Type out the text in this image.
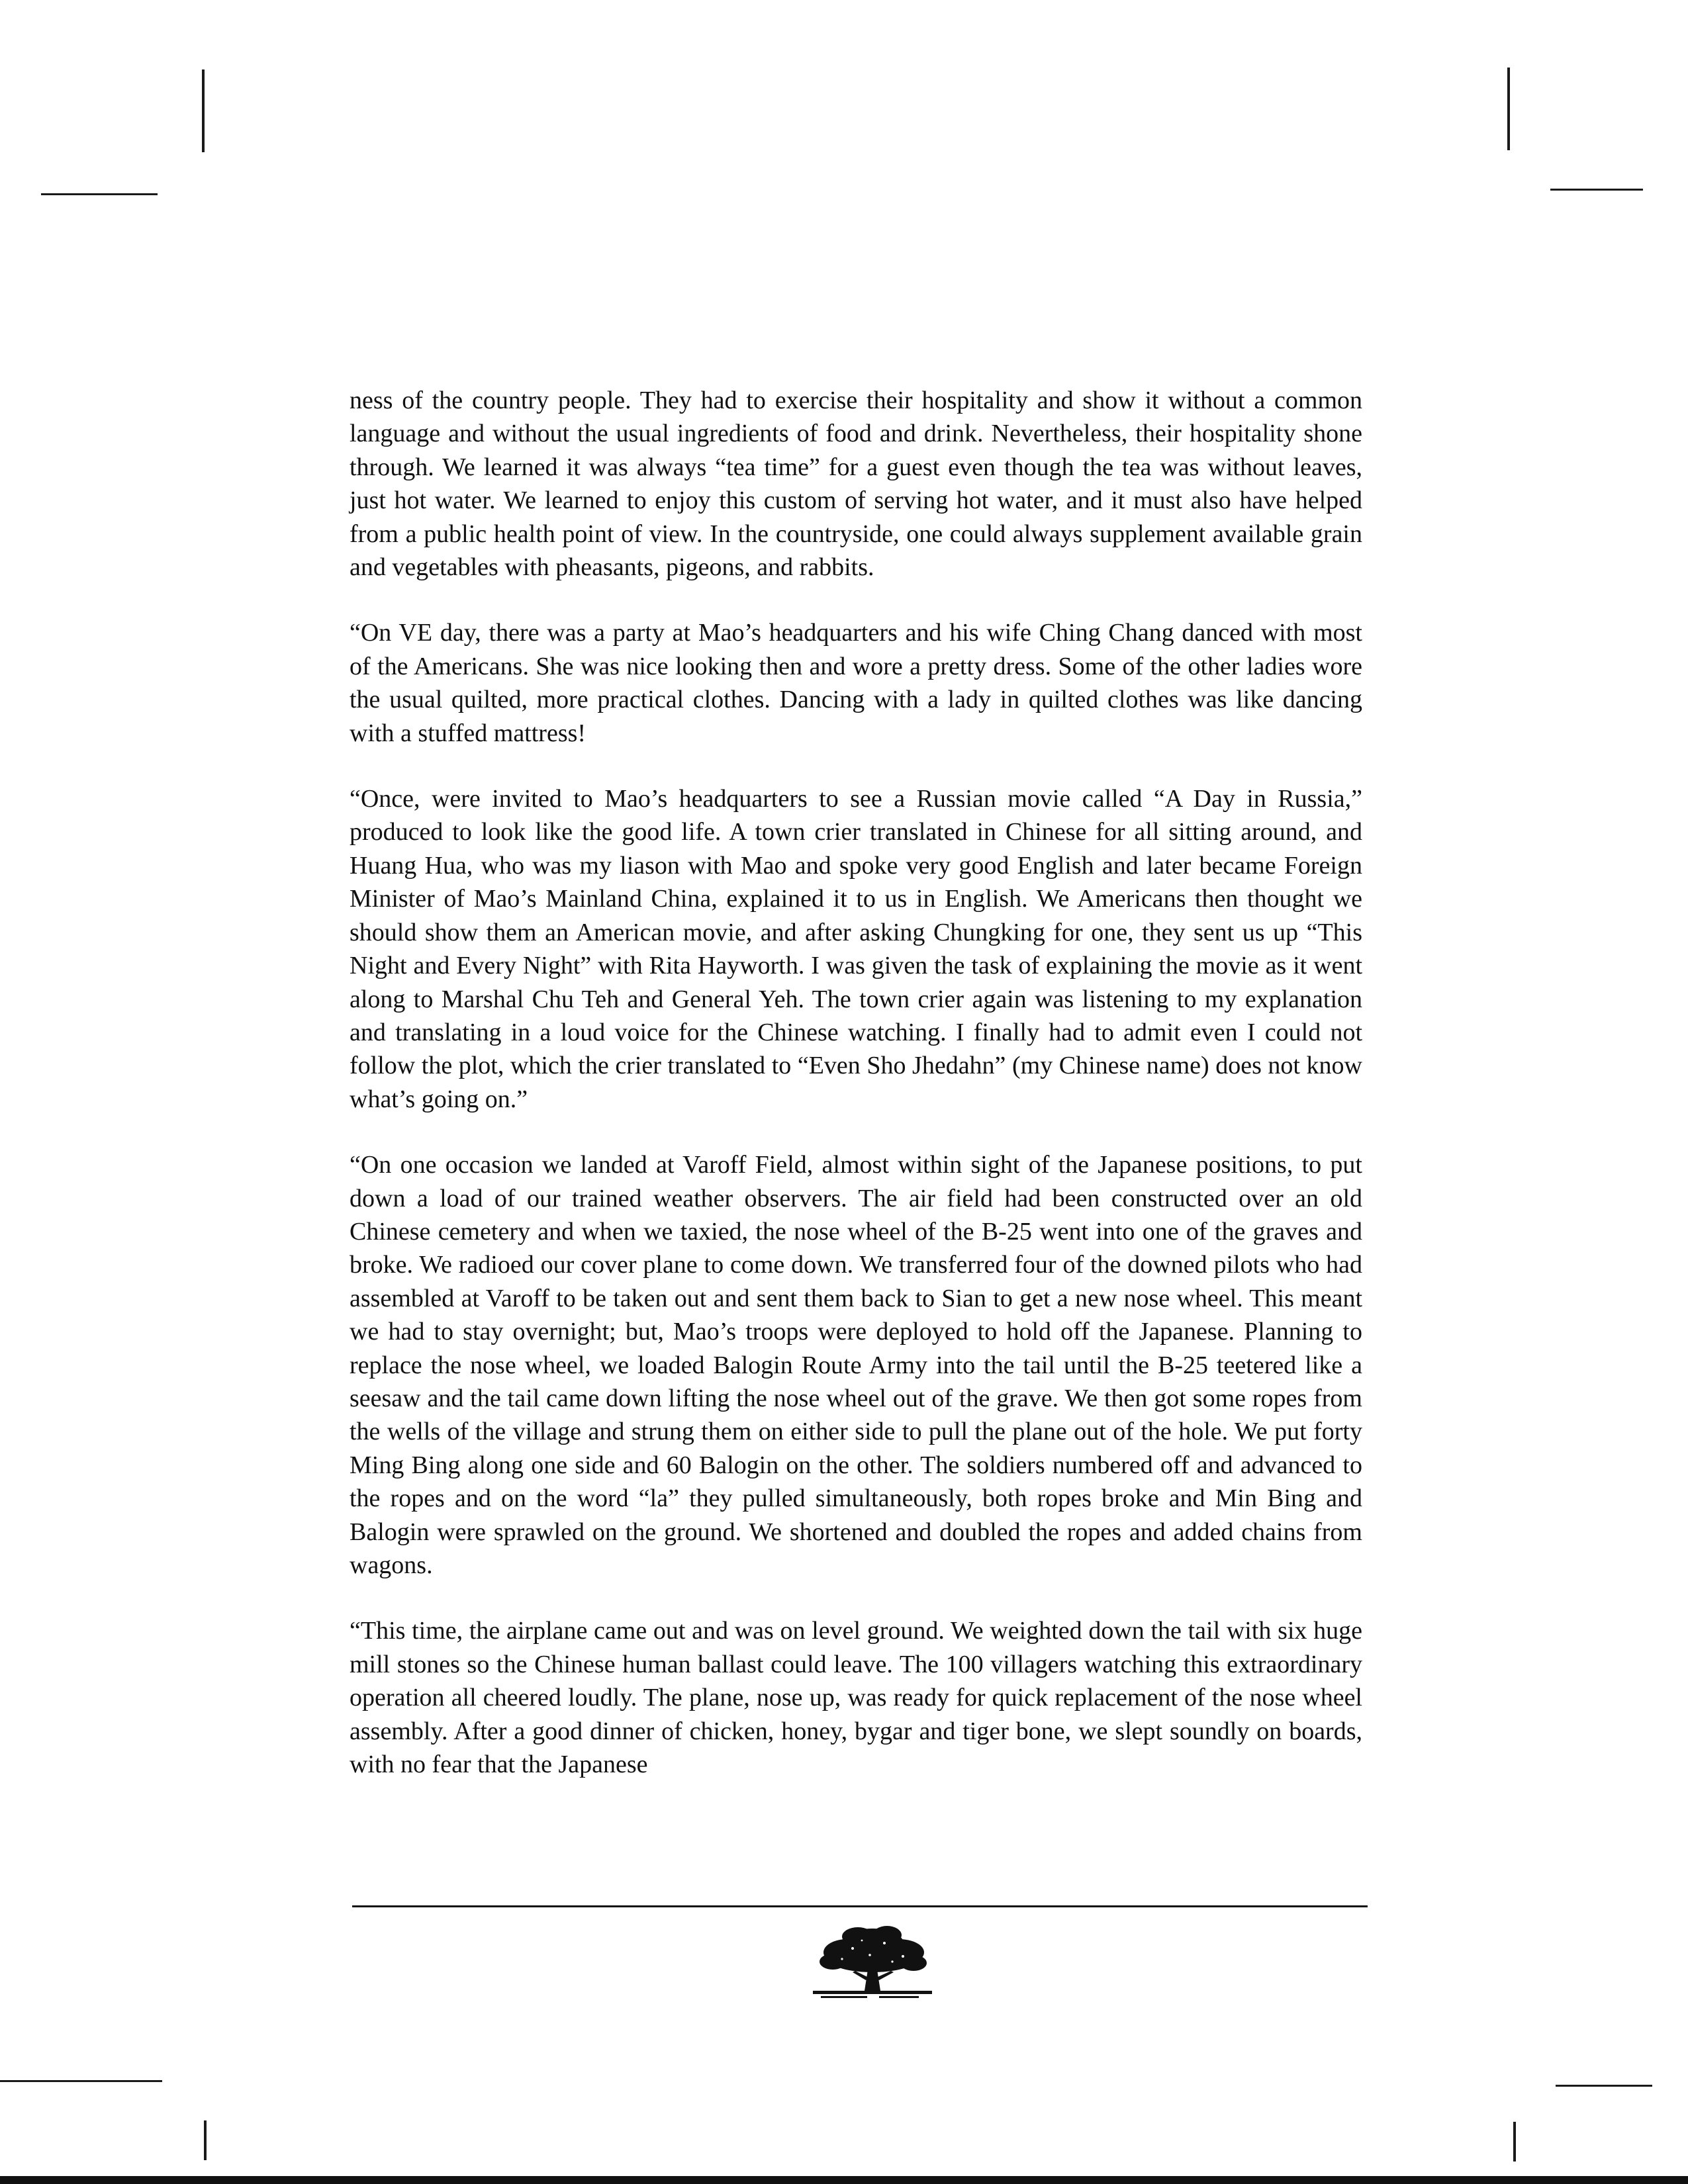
ness of the country people. They had to exercise their hospitality and show it without a common language and without the usual ingredients of food and drink. Nevertheless, their hospitality shone through. We learned it was always “tea time” for a guest even though the tea was without leaves, just hot water. We learned to enjoy this custom of serving hot water, and it must also have helped from a public health point of view. In the countryside, one could always supplement available grain and vegetables with pheasants, pigeons, and rabbits.

“On VE day, there was a party at Mao’s headquarters and his wife Ching Chang danced with most of the Americans. She was nice looking then and wore a pretty dress. Some of the other ladies wore the usual quilted, more practical clothes. Dancing with a lady in quilted clothes was like dancing with a stuffed mattress!

“Once, were invited to Mao’s headquarters to see a Russian movie called “A Day in Russia,” produced to look like the good life. A town crier translated in Chinese for all sitting around, and Huang Hua, who was my liason with Mao and spoke very good English and later became Foreign Minister of Mao’s Mainland China, explained it to us in English. We Americans then thought we should show them an American movie, and after asking Chungking for one, they sent us up “This Night and Every Night” with Rita Hayworth. I was given the task of explaining the movie as it went along to Marshal Chu Teh and General Yeh. The town crier again was listening to my explanation and translating in a loud voice for the Chinese watching. I finally had to admit even I could not follow the plot, which the crier translated to “Even Sho Jhedahn” (my Chinese name) does not know what’s going on.”

“On one occasion we landed at Varoff Field, almost within sight of the Japanese positions, to put down a load of our trained weather observers. The air field had been constructed over an old Chinese cemetery and when we taxied, the nose wheel of the B-25 went into one of the graves and broke. We radioed our cover plane to come down. We transferred four of the downed pilots who had assembled at Varoff to be taken out and sent them back to Sian to get a new nose wheel. This meant we had to stay overnight; but, Mao’s troops were deployed to hold off the Japanese. Planning to replace the nose wheel, we loaded Balogin Route Army into the tail until the B-25 teetered like a seesaw and the tail came down lifting the nose wheel out of the grave. We then got some ropes from the wells of the village and strung them on either side to pull the plane out of the hole. We put forty Ming Bing along one side and 60 Balogin on the other. The soldiers numbered off and advanced to the ropes and on the word “la” they pulled simultaneously, both ropes broke and Min Bing and Balogin were sprawled on the ground. We shortened and doubled the ropes and added chains from wagons.

“This time, the airplane came out and was on level ground. We weighted down the tail with six huge mill stones so the Chinese human ballast could leave. The 100 villagers watching this extraordinary operation all cheered loudly. The plane, nose up, was ready for quick replacement of the nose wheel assembly. After a good dinner of chicken, honey, bygar and tiger bone, we slept soundly on boards, with no fear that the Japanese
